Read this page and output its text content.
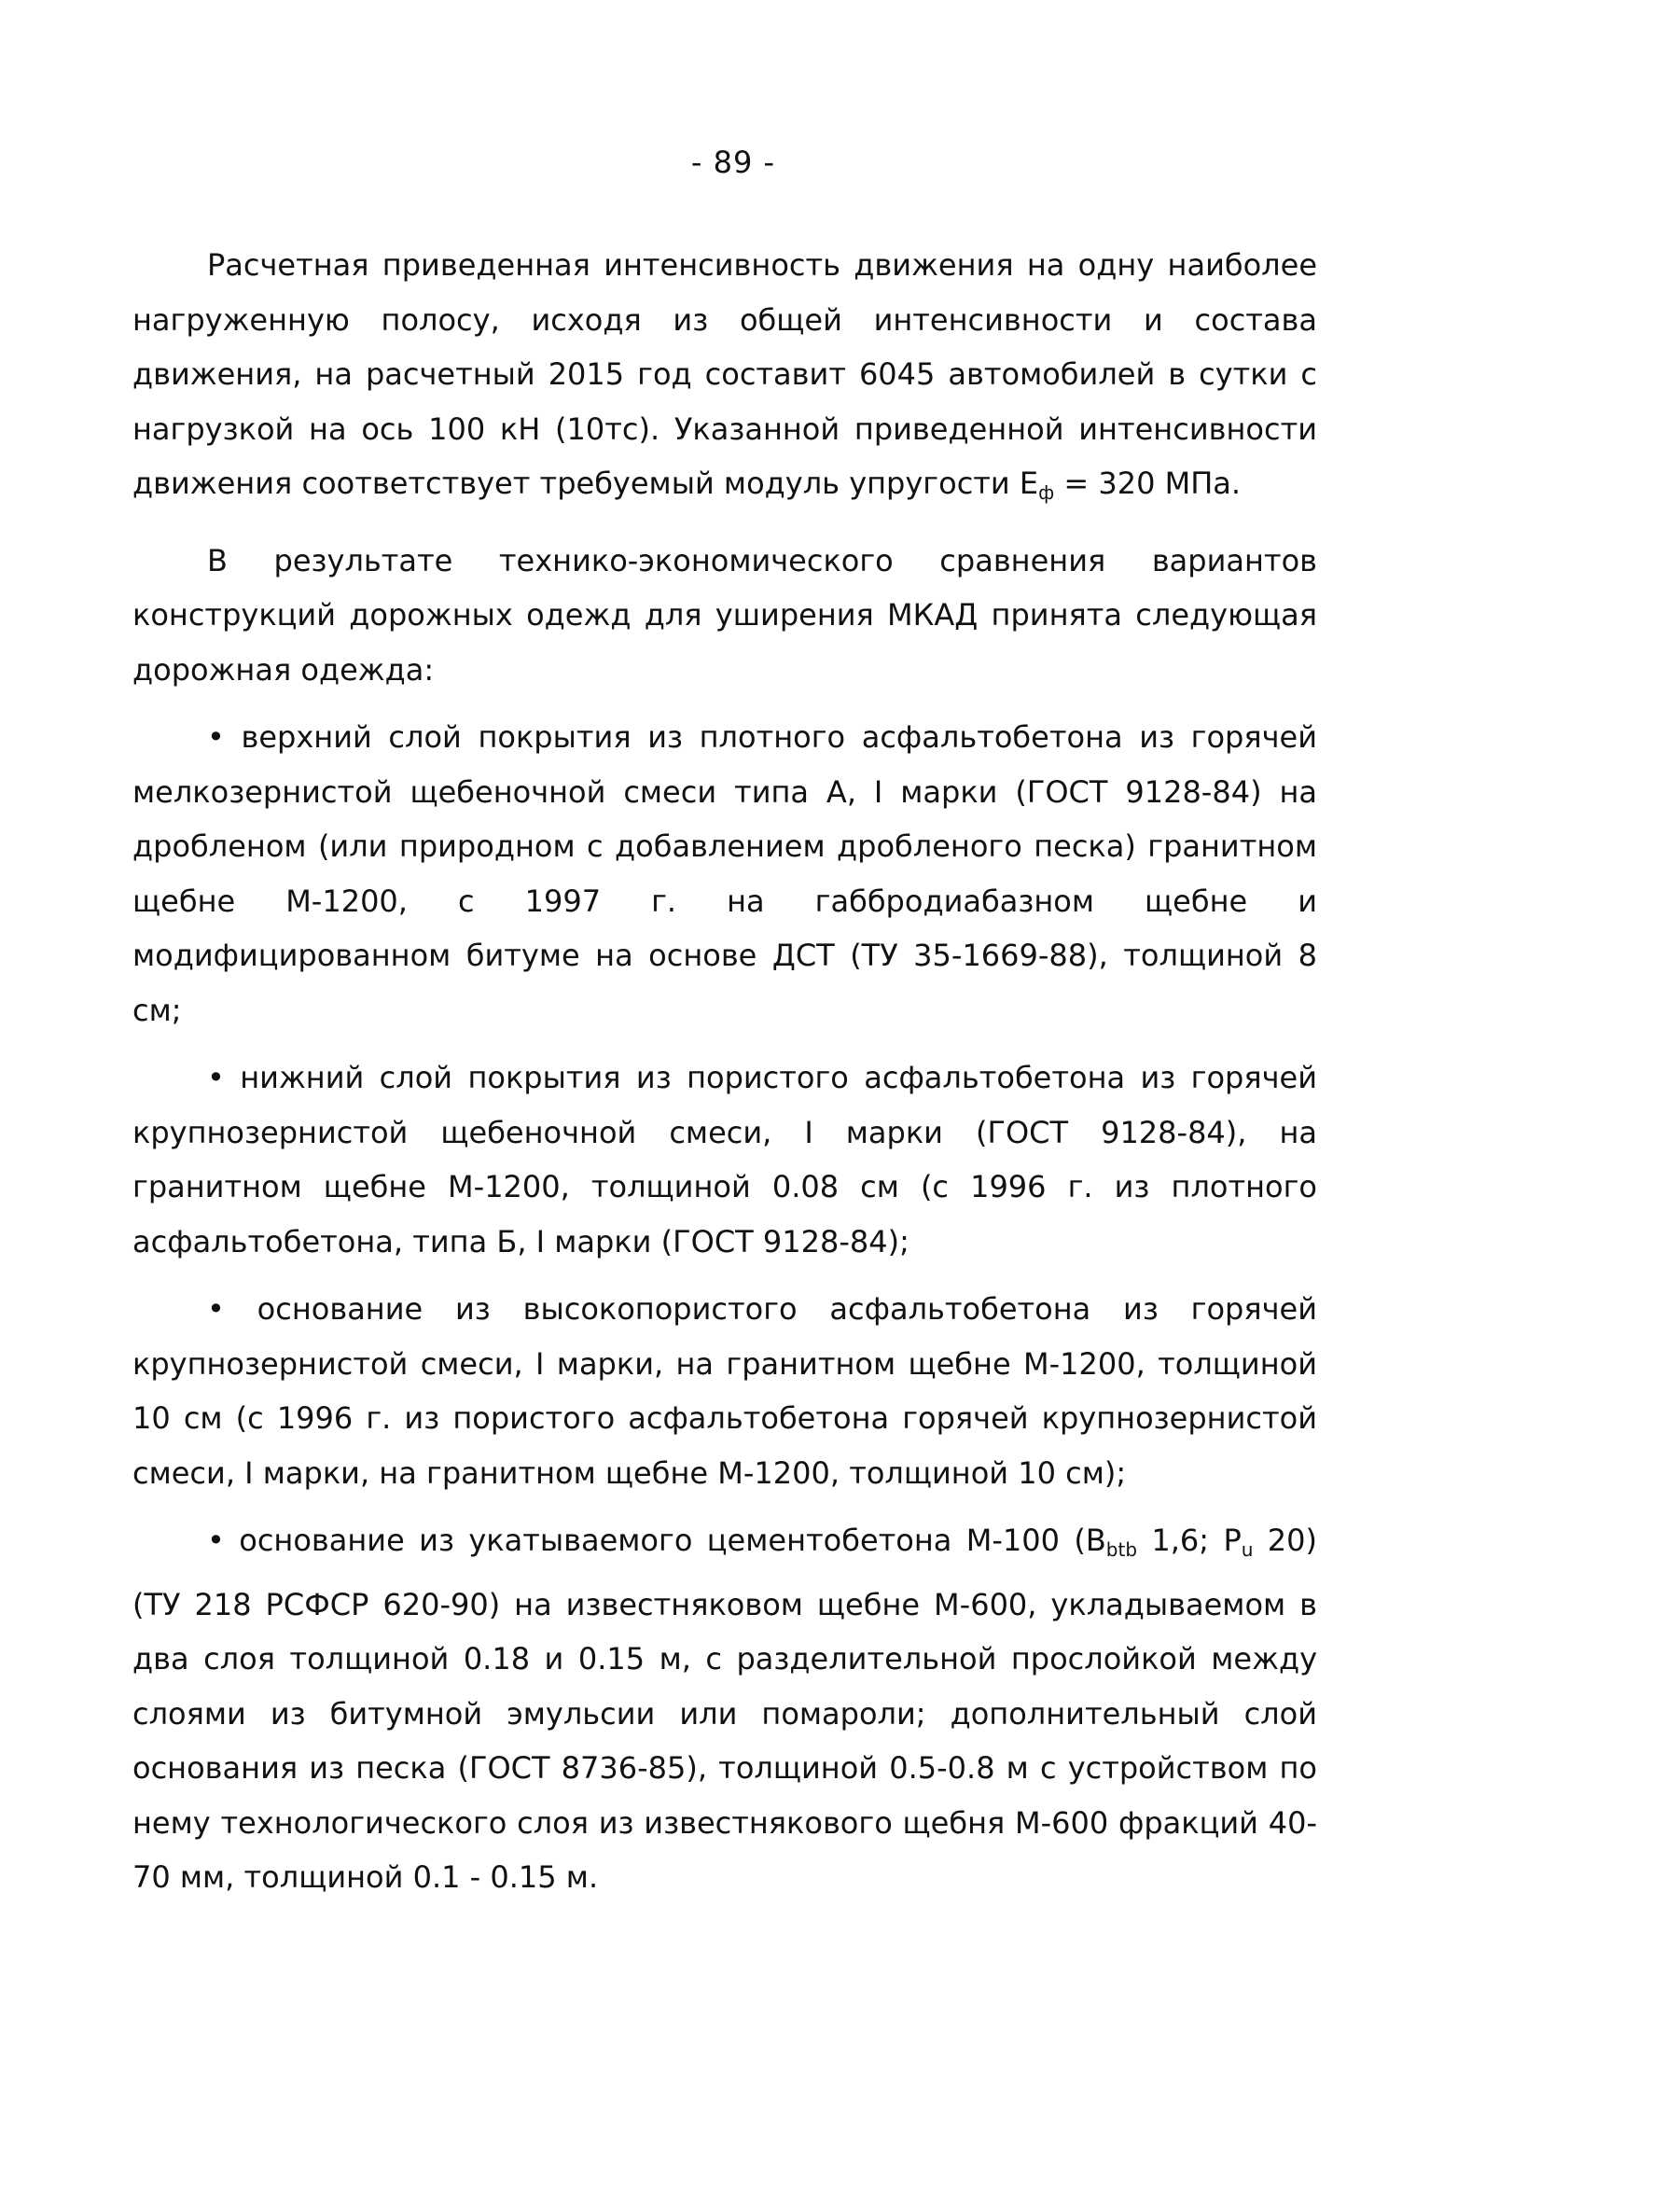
- 89 -

Расчетная приведенная интенсивность движения на одну наиболее нагруженную полосу, исходя из общей интенсивности и состава движения, на расчетный 2015 год составит 6045 автомобилей в сутки с нагрузкой на ось 100 кН (10тс). Указанной приведенной интенсивности движения соответствует требуемый модуль упругости $E_ф = 320$ МПа.

В результате технико-экономического сравнения вариантов конструкций дорожных одежд для уширения МКАД принята следующая дорожная одежда:

• верхний слой покрытия из плотного асфальтобетона из горячей мелкозернистой щебеночной смеси типа А, I марки (ГОСТ 9128-84) на дробленом (или природном с добавлением дробленого песка) гранитном щебне М-1200, с 1997 г. на габбродиабазном щебне и модифицированном битуме на основе ДСТ (ТУ 35-1669-88), толщиной 8 см;

• нижний слой покрытия из пористого асфальтобетона из горячей крупнозернистой щебеночной смеси, I марки (ГОСТ 9128-84), на гранитном щебне М-1200, толщиной 0.08 см (с 1996 г. из плотного асфальтобетона, типа Б, I марки (ГОСТ 9128-84);

• основание из высокопористого асфальтобетона из горячей крупнозернистой смеси, I марки, на гранитном щебне М-1200, толщиной 10 см (с 1996 г. из пористого асфальтобетона горячей крупнозернистой смеси, I марки, на гранитном щебне М-1200, толщиной 10 см);

• основание из укатываемого цементобетона М-100 ($В_{btb}$ 1,6; $P_u$ 20) (ТУ 218 РСФСР 620-90) на известняковом щебне М-600, укладываемом в два слоя толщиной 0.18 и 0.15 м, с разделительной прослойкой между слоями из битумной эмульсии или помароли; дополнительный слой основания из песка (ГОСТ 8736-85), толщиной 0.5-0.8 м с устройством по нему технологического слоя из известнякового щебня М-600 фракций 40-70 мм, толщиной 0.1 - 0.15 м.
